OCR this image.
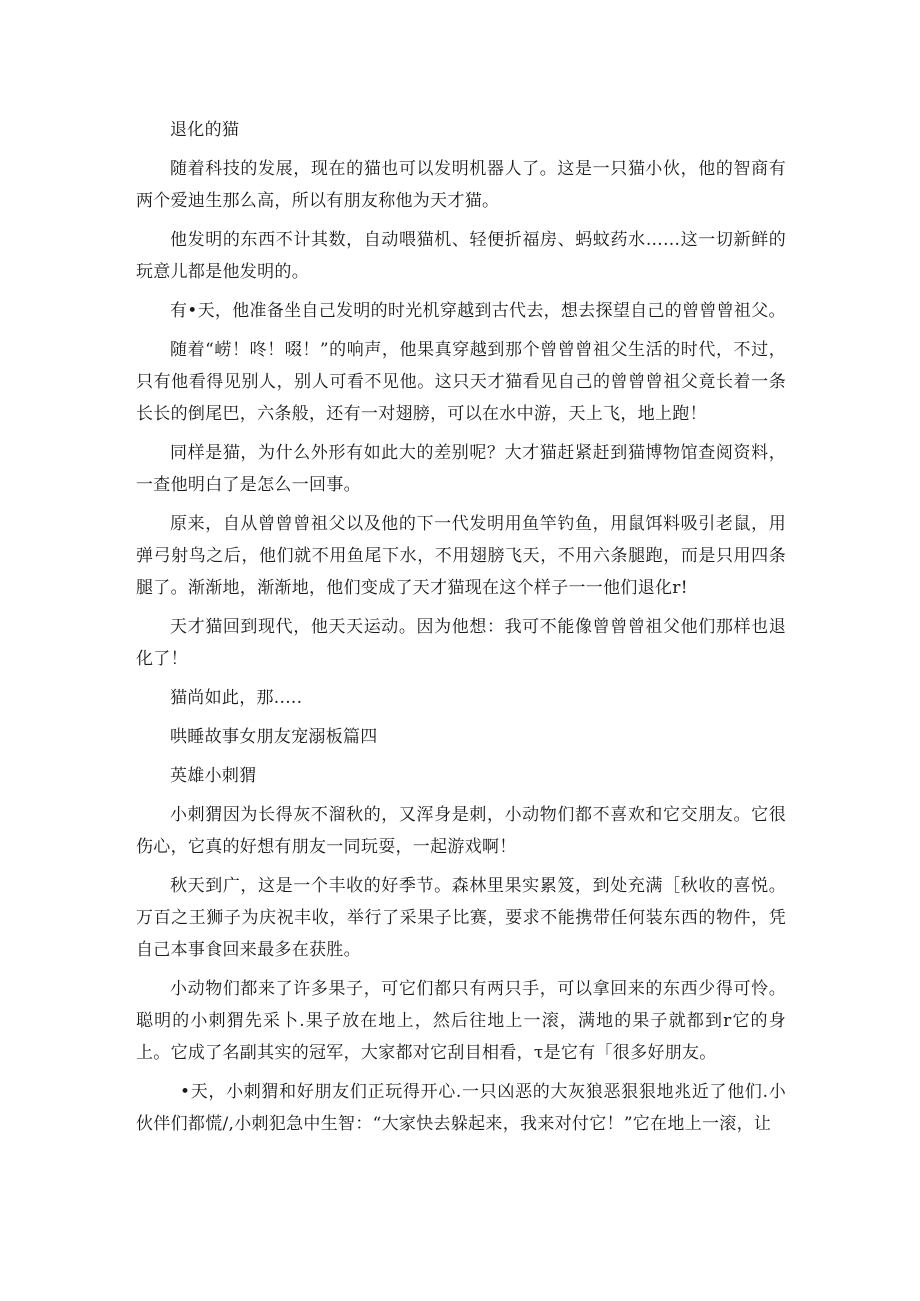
退化的猫

随着科技的发展，现在的猫也可以发明机器人了。这是一只猫小伙，他的智商有两个爱迪生那么高，所以有朋友称他为天才猫。

他发明的东西不计其数，自动喂猫机、轻便折福房、蚂蚊药水……这一切新鲜的玩意儿都是他发明的。

有•天，他准备坐自己发明的时光机穿越到古代去，想去探望自己的曾曾曾祖父。

随着“崂！咚！啜！”的响声，他果真穿越到那个曾曾曾祖父生活的时代，不过，只有他看得见别人，别人可看不见他。这只天才猫看见自己的曾曾曾祖父竟长着一条长长的倒尾巴，六条般，还有一对翅膀，可以在水中游，天上飞，地上跑！

同样是猫，为什么外形有如此大的差别呢？大才猫赶紧赶到猫博物馆查阅资料，一查他明白了是怎么一回事。

原来，自从曾曾曾祖父以及他的下一代发明用鱼竿钓鱼，用鼠饵料吸引老鼠，用弹弓射鸟之后，他们就不用鱼尾下水，不用翅膀飞天，不用六条腿跑，而是只用四条腿了。渐渐地，渐渐地，他们变成了天才猫现在这个样子一一他们退化r!

天才猫回到现代，他天天运动。因为他想：我可不能像曾曾曾祖父他们那样也退化了！

猫尚如此，那.....

哄睡故事女朋友宠溺板篇四

英雄小刺猬

小刺猬因为长得灰不溜秋的，又浑身是刺，小动物们都不喜欢和它交朋友。它很伤心，它真的好想有朋友一同玩耍，一起游戏啊！

秋天到广，这是一个丰收的好季节。森林里果实累笈，到处充满［秋收的喜悦。万百之王狮子为庆祝丰收，举行了采果子比赛，要求不能携带任何装东西的物件，凭自己本事食回来最多在获胜。

小动物们都来了许多果子，可它们都只有两只手，可以拿回来的东西少得可怜。聪明的小刺猬先采卜.果子放在地上，然后往地上一滚，满地的果子就都到r它的身上。它成了名副其实的冠军，大家都对它刮目相看，τ是它有「很多好朋友。

•天，小刺猬和好朋友们正玩得开心.一只凶恶的大灰狼恶狠狠地兆近了他们.小伙伴们都慌/,小刺犯急中生智：“大家快去躲起来，我来对付它！”它在地上一滚，让
